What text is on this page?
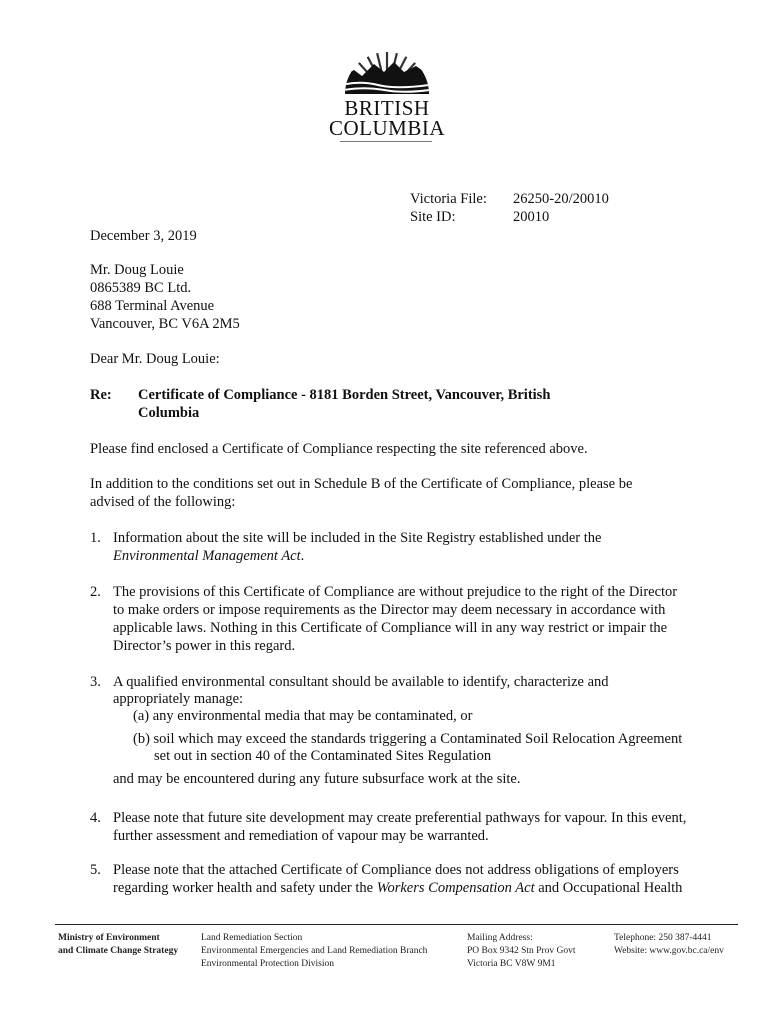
BRITISH
COLUMBIA
Victoria File:	26250-20/20010
Site ID:	20010
December 3, 2019
Mr. Doug Louie
0865389 BC Ltd.
688 Terminal Avenue
Vancouver, BC V6A 2M5
Dear Mr. Doug Louie:
Re: Certificate of Compliance - 8181 Borden Street, Vancouver, British
Columbia
Please find enclosed a Certificate of Compliance respecting the site referenced above.
In addition to the conditions set out in Schedule B of the Certificate of Compliance, please be
advised of the following:
1. Information about the site will be included in the Site Registry established under the
Environmental Management Act.
2. The provisions of this Certificate of Compliance are without prejudice to the right of the Director
to make orders or impose requirements as the Director may deem necessary in accordance with
applicable laws. Nothing in this Certificate of Compliance will in any way restrict or impair the
Director’s power in this regard.
3. A qualified environmental consultant should be available to identify, characterize and
appropriately manage:
(a) any environmental media that may be contaminated, or
(b) soil which may exceed the standards triggering a Contaminated Soil Relocation Agreement
set out in section 40 of the Contaminated Sites Regulation
and may be encountered during any future subsurface work at the site.
4. Please note that future site development may create preferential pathways for vapour. In this event,
further assessment and remediation of vapour may be warranted.
5. Please note that the attached Certificate of Compliance does not address obligations of employers
regarding worker health and safety under the Workers Compensation Act and Occupational Health
Ministry of Environment
and Climate Change Strategy
Land Remediation Section
Environmental Emergencies and Land Remediation Branch
Environmental Protection Division
Mailing Address:
PO Box 9342 Stn Prov Govt
Victoria BC V8W 9M1
Telephone: 250 387-4441
Website: www.gov.bc.ca/env
